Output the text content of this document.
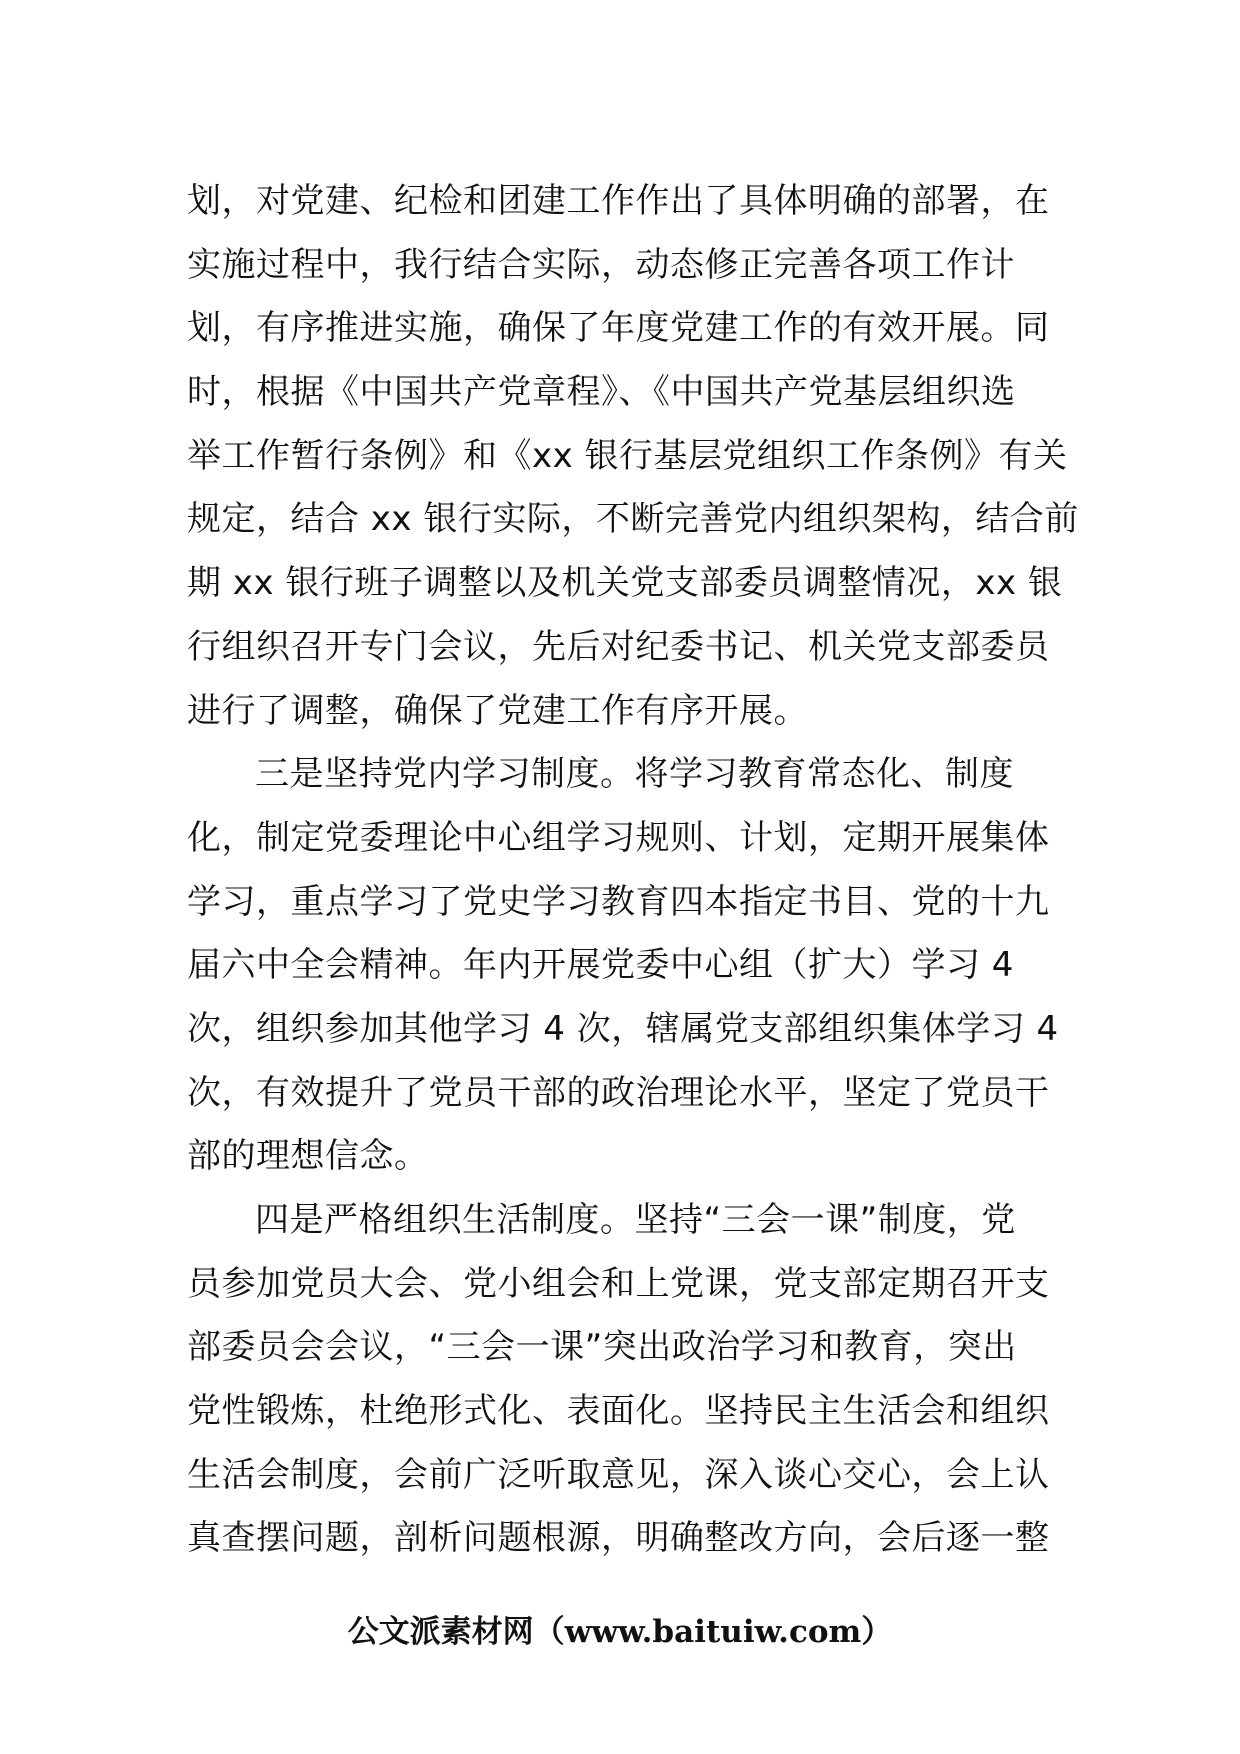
划，对党建、纪检和团建工作作出了具体明确的部署，在
实施过程中，我行结合实际，动态修正完善各项工作计
划，有序推进实施，确保了年度党建工作的有效开展。同
时，根据《中国共产党章程》、《中国共产党基层组织选
举工作暂行条例》和《xx 银行基层党组织工作条例》有关
规定，结合 xx 银行实际，不断完善党内组织架构，结合前
期 xx 银行班子调整以及机关党支部委员调整情况，xx 银
行组织召开专门会议，先后对纪委书记、机关党支部委员
进行了调整，确保了党建工作有序开展。
三是坚持党内学习制度。将学习教育常态化、制度
化，制定党委理论中心组学习规则、计划，定期开展集体
学习，重点学习了党史学习教育四本指定书目、党的十九
届六中全会精神。年内开展党委中心组（扩大）学习 4
次，组织参加其他学习 4 次，辖属党支部组织集体学习 4
次，有效提升了党员干部的政治理论水平，坚定了党员干
部的理想信念。
四是严格组织生活制度。坚持“三会一课”制度，党
员参加党员大会、党小组会和上党课，党支部定期召开支
部委员会会议，“三会一课”突出政治学习和教育，突出
党性锻炼，杜绝形式化、表面化。坚持民主生活会和组织
生活会制度，会前广泛听取意见，深入谈心交心，会上认
真查摆问题，剖析问题根源，明确整改方向，会后逐一整
公文派素材网（www.baituiw.com）
